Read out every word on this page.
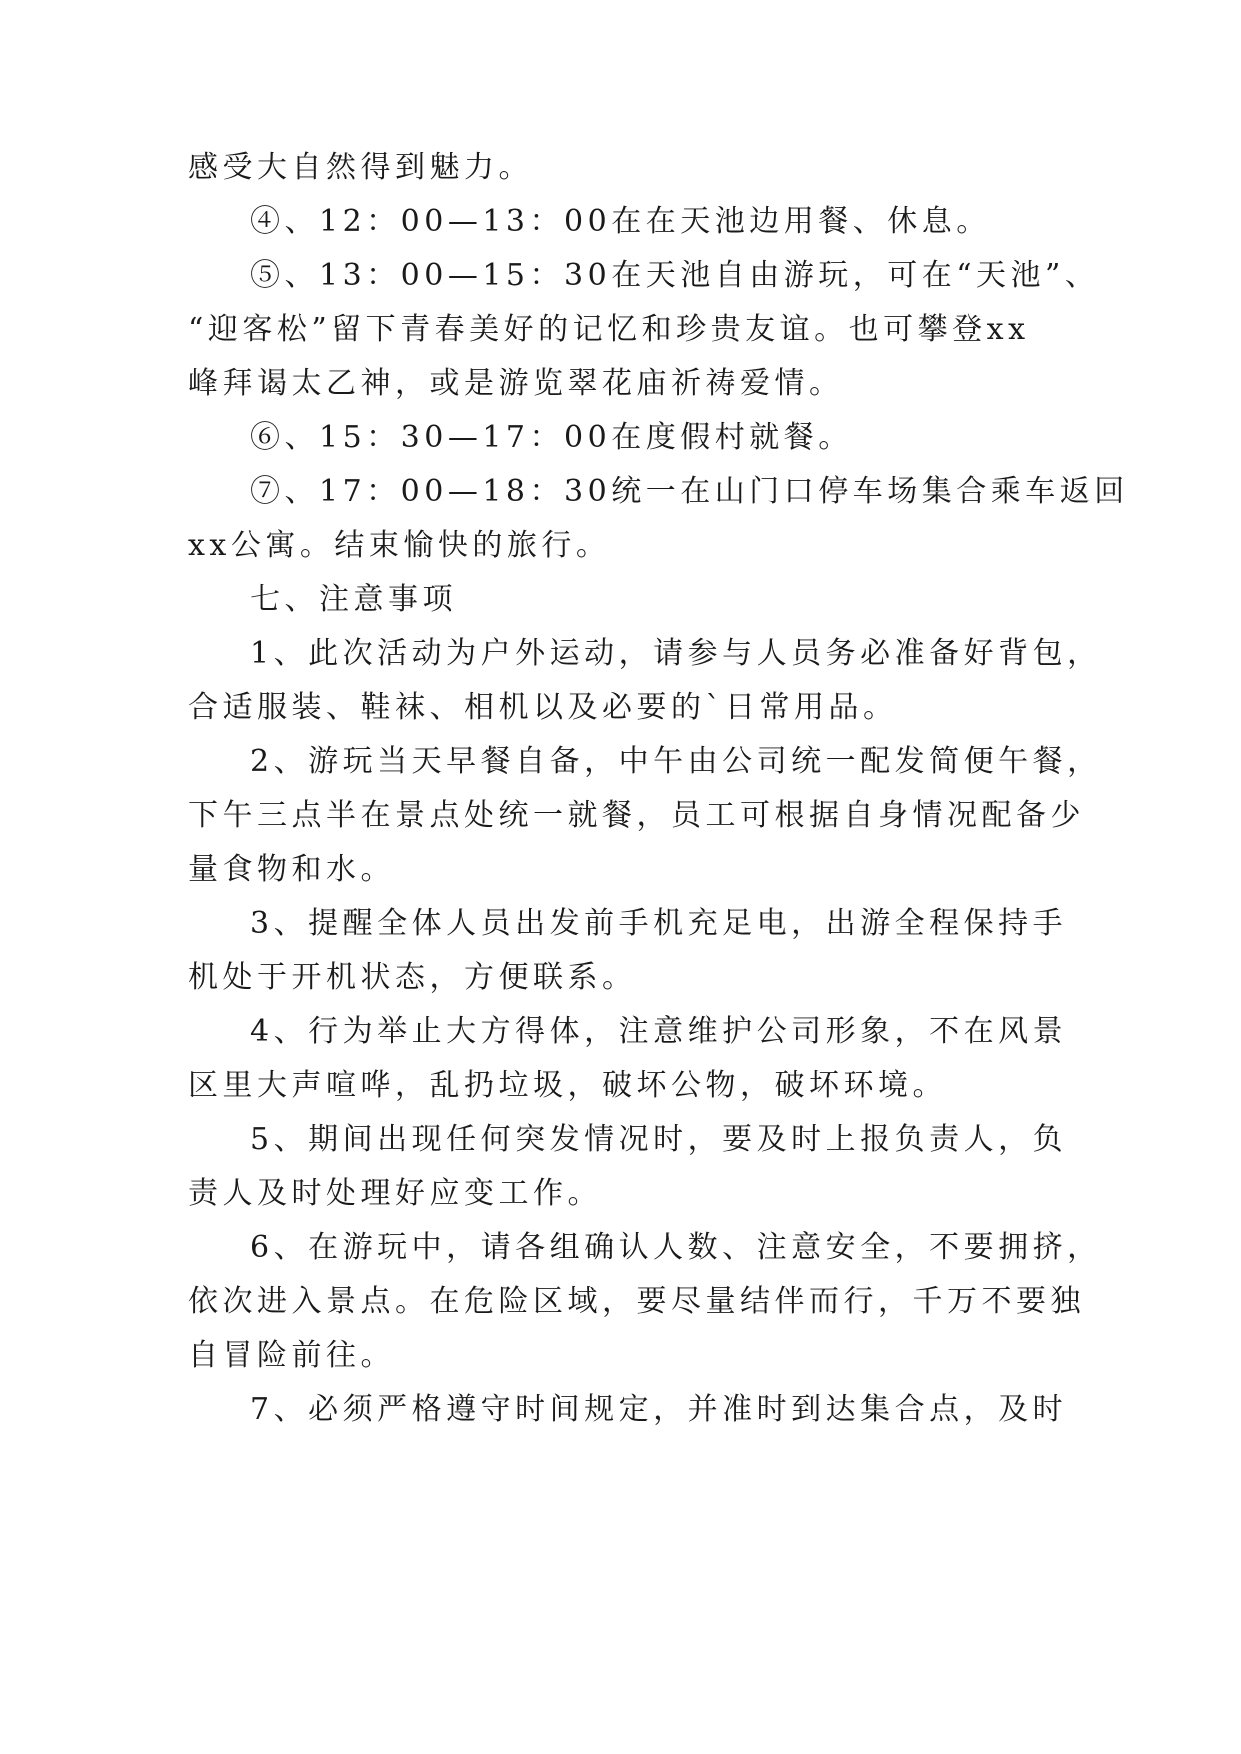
感受大自然得到魅力。

④、12：00—13：00在在天池边用餐、休息。

⑤、13：00—15：30在天池自由游玩，可在“天池”、

“迎客松”留下青春美好的记忆和珍贵友谊。也可攀登xx

峰拜谒太乙神，或是游览翠花庙祈祷爱情。

⑥、15：30—17：00在度假村就餐。

⑦、17：00—18：30统一在山门口停车场集合乘车返回

xx公寓。结束愉快的旅行。

七、注意事项

1、此次活动为户外运动，请参与人员务必准备好背包，

合适服装、鞋袜、相机以及必要的`日常用品。

2、游玩当天早餐自备，中午由公司统一配发简便午餐，

下午三点半在景点处统一就餐，员工可根据自身情况配备少

量食物和水。

3、提醒全体人员出发前手机充足电，出游全程保持手

机处于开机状态，方便联系。

4、行为举止大方得体，注意维护公司形象，不在风景

区里大声喧哗，乱扔垃圾，破坏公物，破坏环境。

5、期间出现任何突发情况时，要及时上报负责人，负

责人及时处理好应变工作。

6、在游玩中，请各组确认人数、注意安全，不要拥挤，

依次进入景点。在危险区域，要尽量结伴而行，千万不要独

自冒险前往。

7、必须严格遵守时间规定，并准时到达集合点，及时
